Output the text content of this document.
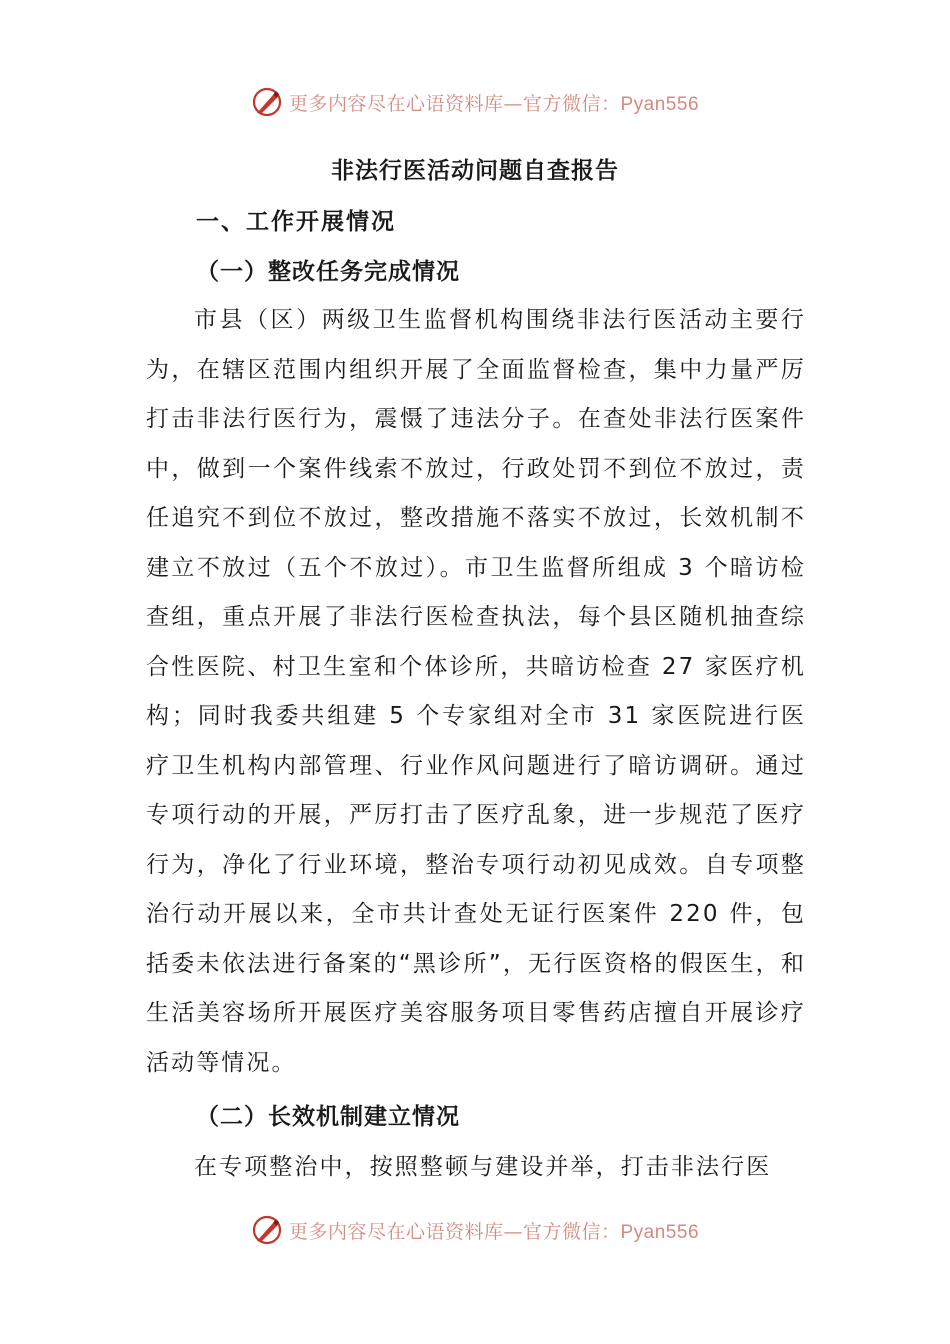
更多内容尽在心语资料库—官方微信：Pyan556
非法行医活动问题自查报告
一、工作开展情况
（一）整改任务完成情况
市县（区）两级卫生监督机构围绕非法行医活动主要行为，在辖区范围内组织开展了全面监督检查，集中力量严厉打击非法行医行为，震慑了违法分子。在查处非法行医案件中，做到一个案件线索不放过，行政处罚不到位不放过，责任追究不到位不放过，整改措施不落实不放过，长效机制不建立不放过（五个不放过）。市卫生监督所组成 3 个暗访检查组，重点开展了非法行医检查执法，每个县区随机抽查综合性医院、村卫生室和个体诊所，共暗访检查 27 家医疗机构；同时我委共组建 5 个专家组对全市 31 家医院进行医疗卫生机构内部管理、行业作风问题进行了暗访调研。通过专项行动的开展，严厉打击了医疗乱象，进一步规范了医疗行为，净化了行业环境，整治专项行动初见成效。自专项整治行动开展以来，全市共计查处无证行医案件 220 件，包括委未依法进行备案的“黑诊所”，无行医资格的假医生，和生活美容场所开展医疗美容服务项目零售药店擅自开展诊疗活动等情况。
（二）长效机制建立情况
在专项整治中，按照整顿与建设并举，打击非法行医
更多内容尽在心语资料库—官方微信：Pyan556
